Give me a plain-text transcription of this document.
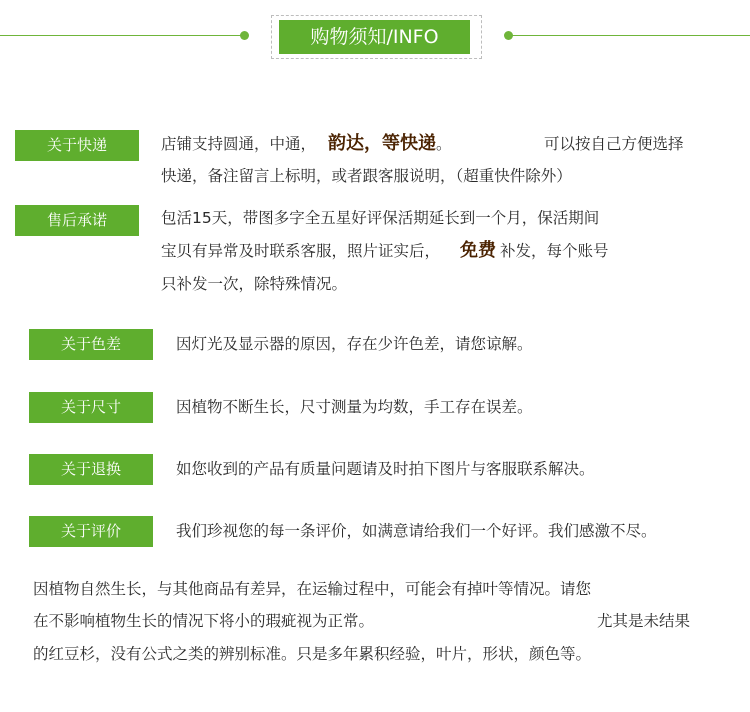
购物须知/INFO
关于快递	店铺支持圆通，中通， 韵达，等快递。	可以按自己方便选择
快递，备注留言上标明，或者跟客服说明，（超重快件除外）
售后承诺	包活15天，带图多字全五星好评保活期延长到一个月，保活期间
宝贝有异常及时联系客服，照片证实后， 免费 补发，每个账号
只补发一次，除特殊情况。
关于色差	因灯光及显示器的原因，存在少许色差，请您谅解。
关于尺寸	因植物不断生长，尺寸测量为均数，手工存在误差。
关于退换	如您收到的产品有质量问题请及时拍下图片与客服联系解决。
关于评价	我们珍视您的每一条评价，如满意请给我们一个好评。我们感激不尽。
因植物自然生长，与其他商品有差异，在运输过程中，可能会有掉叶等情况。请您
在不影响植物生长的情况下将小的瑕疵视为正常。	尤其是未结果
的红豆杉，没有公式之类的辨别标准。只是多年累积经验，叶片，形状，颜色等。
